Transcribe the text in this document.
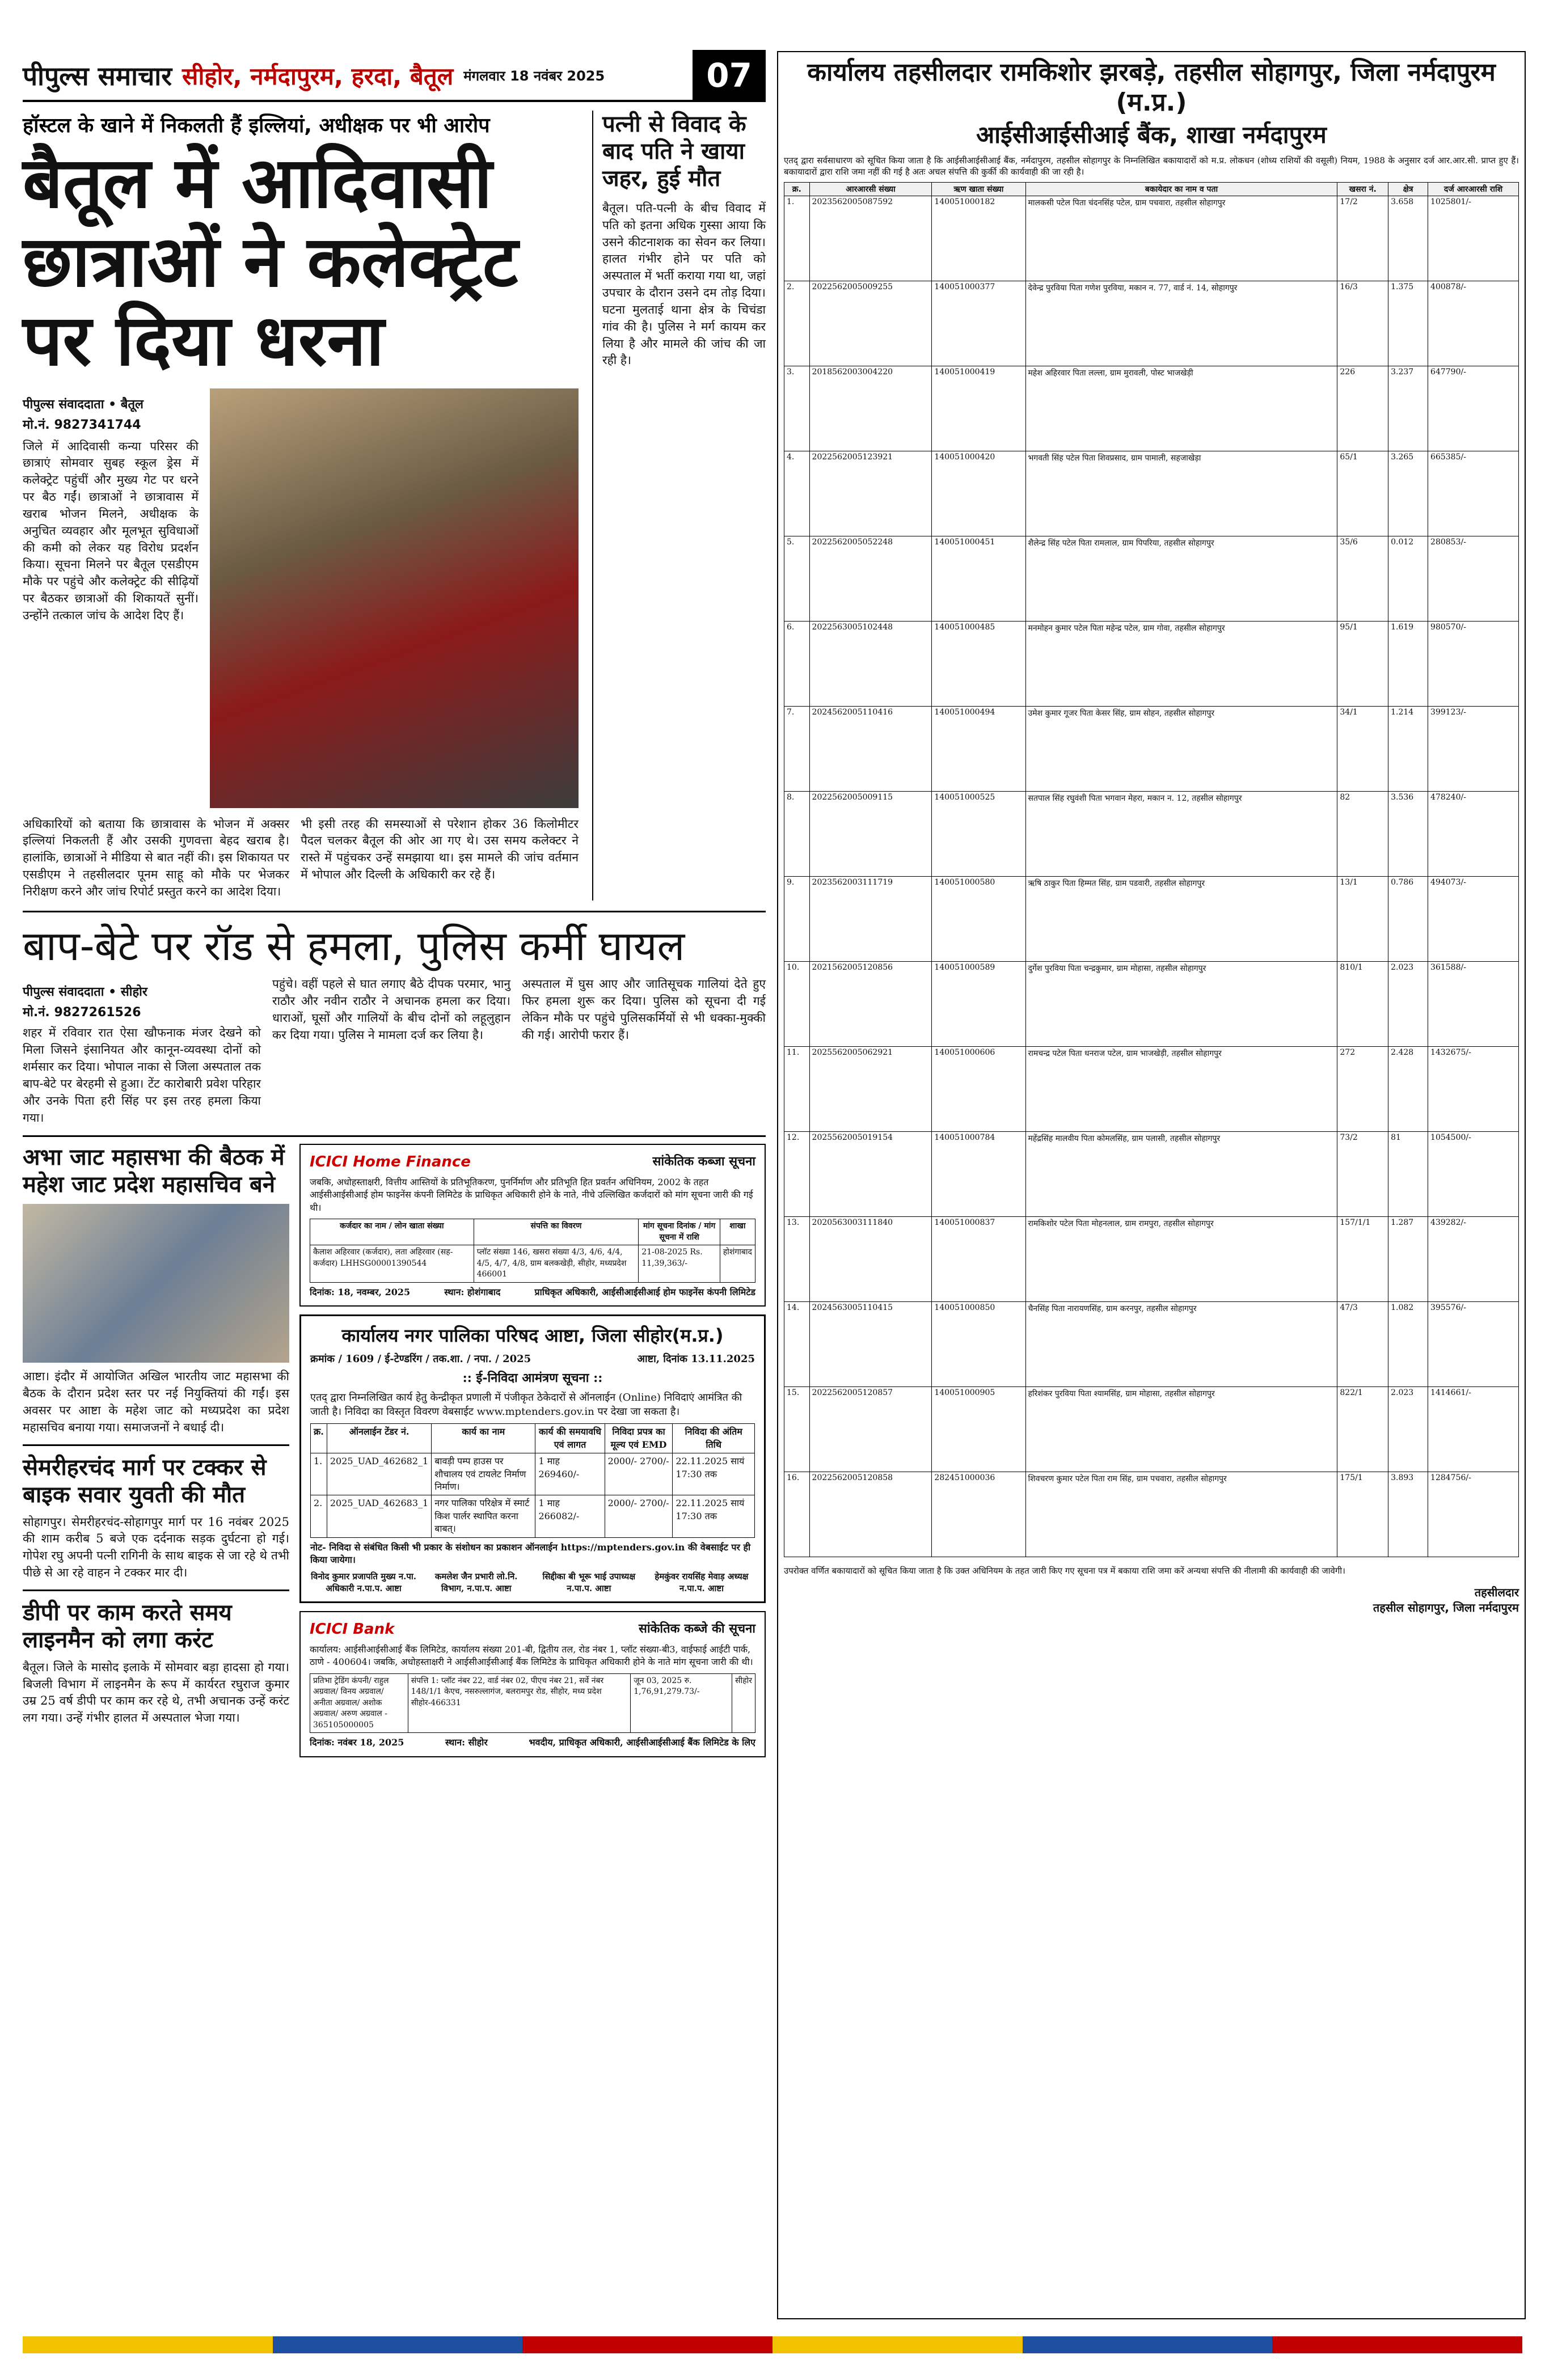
पीपुल्स समाचार सीहोर, नर्मदापुरम, हरदा, बैतूल मंगलवार 18 नवंबर 2025	07
हॉस्टल के खाने में निकलती हैं इल्लियां, अधीक्षक पर भी आरोप
बैतूल में आदिवासी छात्राओं ने कलेक्ट्रेट पर दिया धरना
पीपुल्स संवाददाता • बैतूल
मो.नं. 9827341744

जिले में आदिवासी कन्या परिसर की छात्राएं सोमवार सुबह स्कूल ड्रेस में कलेक्ट्रेट पहुंचीं और मुख्य गेट पर धरने पर बैठ गईं। छात्राओं ने छात्रावास में खराब भोजन मिलने, अधीक्षक के अनुचित व्यवहार और मूलभूत सुविधाओं की कमी को लेकर यह विरोध प्रदर्शन किया। सूचना मिलने पर बैतूल एसडीएम मौके पर पहुंचे और कलेक्ट्रेट की सीढ़ियों पर बैठकर छात्राओं की शिकायतें सुनीं। उन्होंने तत्काल जांच के आदेश दिए हैं।

अधिकारियों को बताया कि छात्रावास के भोजन में अक्सर इल्लियां निकलती हैं और उसकी गुणवत्ता बेहद खराब है। हालांकि, छात्राओं ने मीडिया से बात नहीं की। इस शिकायत पर एसडीएम ने तहसीलदार पूनम साहू को मौके पर भेजकर निरीक्षण करने और जांच रिपोर्ट प्रस्तुत करने का आदेश दिया।

भी इसी तरह की समस्याओं से परेशान होकर 36 किलोमीटर पैदल चलकर बैतूल की ओर आ गए थे। उस समय कलेक्टर ने रास्ते में पहुंचकर उन्हें समझाया था। इस मामले की जांच वर्तमान में भोपाल और दिल्ली के अधिकारी कर रहे हैं।

पत्नी से विवाद के बाद पति ने खाया जहर, हुई मौत

बैतूल। पति-पत्नी के बीच विवाद में पति को इतना अधिक गुस्सा आया कि उसने कीटनाशक का सेवन कर लिया। हालत गंभीर होने पर पति को अस्पताल में भर्ती कराया गया था, जहां उपचार के दौरान उसने दम तोड़ दिया। घटना मुलताई थाना क्षेत्र के चिचंडा गांव की है। पुलिस ने मर्ग कायम कर लिया है और मामले की जांच की जा रही है।

बाप-बेटे पर रॉड से हमला, पुलिस कर्मी घायल
पीपुल्स संवाददाता • सीहोर
मो.नं. 9827261526

शहर में रविवार रात ऐसा खौफनाक मंजर देखने को मिला जिसने इंसानियत और कानून-व्यवस्था दोनों को शर्मसार कर दिया। भोपाल नाका से जिला अस्पताल तक बाप-बेटे पर बेरहमी से हुआ। टेंट कारोबारी प्रवेश परिहार और उनके पिता हरी सिंह पर इस तरह हमला किया गया।

पहुंचे। वहीं पहले से घात लगाए बैठे दीपक परमार, भानु राठौर और नवीन राठौर ने अचानक हमला कर दिया। धाराओं, घूसों और गालियों के बीच दोनों को लहूलुहान कर दिया गया। पुलिस ने मामला दर्ज कर लिया है।

अस्पताल में घुस आए और जातिसूचक गालियां देते हुए फिर हमला शुरू कर दिया। पुलिस को सूचना दी गई लेकिन मौके पर पहुंचे पुलिसकर्मियों से भी धक्का-मुक्की की गई। आरोपी फरार हैं।

अभा जाट महासभा की बैठक में महेश जाट प्रदेश महासचिव बने

आष्टा। इंदौर में आयोजित अखिल भारतीय जाट महासभा की बैठक के दौरान प्रदेश स्तर पर नई नियुक्तियां की गईं। इस अवसर पर आष्टा के महेश जाट को मध्यप्रदेश का प्रदेश महासचिव बनाया गया। समाजजनों ने बधाई दी।

सेमरीहरचंद मार्ग पर टक्कर से बाइक सवार युवती की मौत

सोहागपुर। सेमरीहरचंद-सोहागपुर मार्ग पर 16 नवंबर 2025 की शाम करीब 5 बजे एक दर्दनाक सड़क दुर्घटना हो गई। गोपेश रघु अपनी पत्नी रागिनी के साथ बाइक से जा रहे थे तभी पीछे से आ रहे वाहन ने टक्कर मार दी।

डीपी पर काम करते समय लाइनमैन को लगा करंट

बैतूल। जिले के मासोद इलाके में सोमवार बड़ा हादसा हो गया। बिजली विभाग में लाइनमैन के रूप में कार्यरत रघुराज कुमार उम्र 25 वर्ष डीपी पर काम कर रहे थे, तभी अचानक उन्हें करंट लग गया। उन्हें गंभीर हालत में अस्पताल भेजा गया।

ICICI Home Finance	सांकेतिक कब्जा सूचना

जबकि, अधोहस्ताक्षरी, वित्तीय आस्तियों के प्रतिभूतिकरण, पुनर्निर्माण और प्रतिभूति हित प्रवर्तन अधिनियम, 2002 के तहत आईसीआईसीआई होम फाइनेंस कंपनी लिमिटेड के प्राधिकृत अधिकारी होने के नाते, नीचे उल्लिखित कर्जदारों को मांग सूचना जारी की गई थी।

कर्जदार का नाम / लोन खाता संख्या	संपत्ति का विवरण	मांग सूचना दिनांक / मांग सूचना में राशि	शाखा
कैलाश अहिरवार (कर्जदार), लता अहिरवार (सह-कर्जदार) LHHSG00001390544	प्लॉट संख्या 146, खसरा संख्या 4/3, 4/6, 4/4, 4/5, 4/7, 4/8, ग्राम बलकखेड़ी, सीहोर, मध्यप्रदेश 466001	21-08-2025 Rs. 11,39,363/-	होशंगाबाद
दिनांक: 18, नवम्बर, 2025	स्थान: होशंगाबाद	प्राधिकृत अधिकारी, आईसीआईसीआई होम फाइनेंस कंपनी लिमिटेड
कार्यालय नगर पालिका परिषद आष्टा, जिला सीहोर(म.प्र.)
क्रमांक / 1609 / ई-टेण्डरिंग / तक.शा. / नपा. / 2025	आष्टा, दिनांक 13.11.2025
:: ई-निविदा आमंत्रण सूचना ::

एतद् द्वारा निम्नलिखित कार्य हेतु केन्द्रीकृत प्रणाली में पंजीकृत ठेकेदारों से ऑनलाईन (Online) निविदाएं आमंत्रित की जाती है। निविदा का विस्तृत विवरण वेबसाईट www.mptenders.gov.in पर देखा जा सकता है।

क्र.	ऑनलाईन टेंडर नं.	कार्य का नाम	कार्य की समयावधि एवं लागत	निविदा प्रपत्र का मूल्य एवं EMD	निविदा की अंतिम तिथि
1.	2025_UAD_462682_1	बावड़ी पम्प हाउस पर शौचालय एवं टायलेट निर्माण निर्माण।	1 माह 269460/-	2000/- 2700/-	22.11.2025 सायं 17:30 तक
2.	2025_UAD_462683_1	नगर पालिका परिक्षेत्र में स्मार्ट किश पार्लर स्थापित करना बाबत्।	1 माह 266082/-	2000/- 2700/-	22.11.2025 सायं 17:30 तक

नोट- निविदा से संबंधित किसी भी प्रकार के संशोधन का प्रकाशन ऑनलाईन https://mptenders.gov.in की वेबसाईट पर ही किया जायेगा।

विनोद कुमार प्रजापति मुख्य न.पा. अधिकारी न.पा.प. आष्टा
कमलेश जैन प्रभारी लो.नि. विभाग, न.पा.प. आष्टा
सिद्दीका बी भूरू भाई उपाध्यक्ष न.पा.प. आष्टा
हेमकुंवर रायसिंह मेवाड़ अध्यक्ष न.पा.प. आष्टा
ICICI Bank	सांकेतिक कब्जे की सूचना

कार्यालय: आईसीआईसीआई बैंक लिमिटेड, कार्यालय संख्या 201-बी, द्वितीय तल, रोड नंबर 1, प्लॉट संख्या-बी3, वाईफाई आईटी पार्क, ठाणे - 400604। जबकि, अधोहस्ताक्षरी ने आईसीआईसीआई बैंक लिमिटेड के प्राधिकृत अधिकारी होने के नाते मांग सूचना जारी की थी।

प्रतिभा ट्रेडिंग कंपनी/ राहुल अग्रवाल/ विनय अग्रवाल/ अनीता अग्रवाल/ अशोक अग्रवाल/ अरुण अग्रवाल - 365105000005	संपत्ति 1: प्लॉट नंबर 22, वार्ड नंबर 02, पीएच नंबर 21, सर्वे नंबर 148/1/1 केएच, नसरुल्लागंज, बलरामपुर रोड, सीहोर, मध्य प्रदेश सीहोर-466331	जून 03, 2025 रु. 1,76,91,279.73/-	सीहोर
दिनांक: नवंबर 18, 2025	स्थान: सीहोर	भवदीय, प्राधिकृत अधिकारी, आईसीआईसीआई बैंक लिमिटेड के लिए
कार्यालय तहसीलदार रामकिशोर झरबड़े, तहसील सोहागपुर, जिला नर्मदापुरम (म.प्र.)
आईसीआईसीआई बैंक, शाखा नर्मदापुरम

एतद् द्वारा सर्वसाधारण को सूचित किया जाता है कि आईसीआईसीआई बैंक, नर्मदापुरम, तहसील सोहागपुर के निम्नलिखित बकायादारों को म.प्र. लोकधन (शोध्य राशियों की वसूली) नियम, 1988 के अनुसार दर्ज आर.आर.सी. प्राप्त हुए हैं। बकायादारों द्वारा राशि जमा नहीं की गई है अतः अचल संपत्ति की कुर्की की कार्यवाही की जा रही है।

क्र.	आरआरसी संख्या	ऋण खाता संख्या	बकायेदार का नाम व पता	खसरा नं.	क्षेत्र	दर्ज आरआरसी राशि
1.	2023562005087592	140051000182	मालकसी पटेल पिता चंदनसिंह पटेल, ग्राम पचवारा, तहसील सोहागपुर	17/2	3.658	1025801/-
2.	2022562005009255	140051000377	देवेन्द्र पुरविया पिता गणेश पुरविया, मकान न. 77, वार्ड नं. 14, सोहागपुर	16/3	1.375	400878/-
3.	2018562003004220	140051000419	महेश अहिरवार पिता लल्ला, ग्राम मुरावली, पोस्ट भाजखेड़ी	226	3.237	647790/-
4.	2022562005123921	140051000420	भगवती सिंह पटेल पिता शिवप्रसाद, ग्राम पामाली, सहजाखेड़ा	65/1	3.265	665385/-
5.	2022562005052248	140051000451	शैलेन्द्र सिंह पटेल पिता रामलाल, ग्राम पिपरिया, तहसील सोहागपुर	35/6	0.012	280853/-
6.	2022563005102448	140051000485	मनमोहन कुमार पटेल पिता महेन्द्र पटेल, ग्राम गोवा, तहसील सोहागपुर	95/1	1.619	980570/-
7.	2024562005110416	140051000494	उमेश कुमार गूजर पिता केसर सिंह, ग्राम सोहन, तहसील सोहागपुर	34/1	1.214	399123/-
8.	2022562005009115	140051000525	सतपाल सिंह रघुवंशी पिता भगवान मेहरा, मकान न. 12, तहसील सोहागपुर	82	3.536	478240/-
9.	2023562003111719	140051000580	ऋषि ठाकुर पिता हिम्मत सिंह, ग्राम पडवारी, तहसील सोहागपुर	13/1	0.786	494073/-
10.	2021562005120856	140051000589	दुर्गेश पुरविया पिता चन्द्रकुमार, ग्राम मोहासा, तहसील सोहागपुर	810/1	2.023	361588/-
11.	2025562005062921	140051000606	रामचन्द्र पटेल पिता धनराज पटेल, ग्राम भाजखेड़ी, तहसील सोहागपुर	272	2.428	1432675/-
12.	2025562005019154	140051000784	महेंद्रसिंह मालवीय पिता कोमलसिंह, ग्राम पलासी, तहसील सोहागपुर	73/2	81	1054500/-
13.	2020563003111840	140051000837	रामकिशोर पटेल पिता मोहनलाल, ग्राम रामपुरा, तहसील सोहागपुर	157/1/1	1.287	439282/-
14.	2024563005110415	140051000850	चैनसिंह पिता नारायणसिंह, ग्राम करनपुर, तहसील सोहागपुर	47/3	1.082	395576/-
15.	2022562005120857	140051000905	हरिशंकर पुरविया पिता श्यामसिंह, ग्राम मोहासा, तहसील सोहागपुर	822/1	2.023	1414661/-
16.	2022562005120858	282451000036	शिवचरण कुमार पटेल पिता राम सिंह, ग्राम पचवारा, तहसील सोहागपुर	175/1	3.893	1284756/-

उपरोक्त वर्णित बकायादारों को सूचित किया जाता है कि उक्त अधिनियम के तहत जारी किए गए सूचना पत्र में बकाया राशि जमा करें अन्यथा संपत्ति की नीलामी की कार्यवाही की जावेगी।

तहसीलदार
तहसील सोहागपुर, जिला नर्मदापुरम
